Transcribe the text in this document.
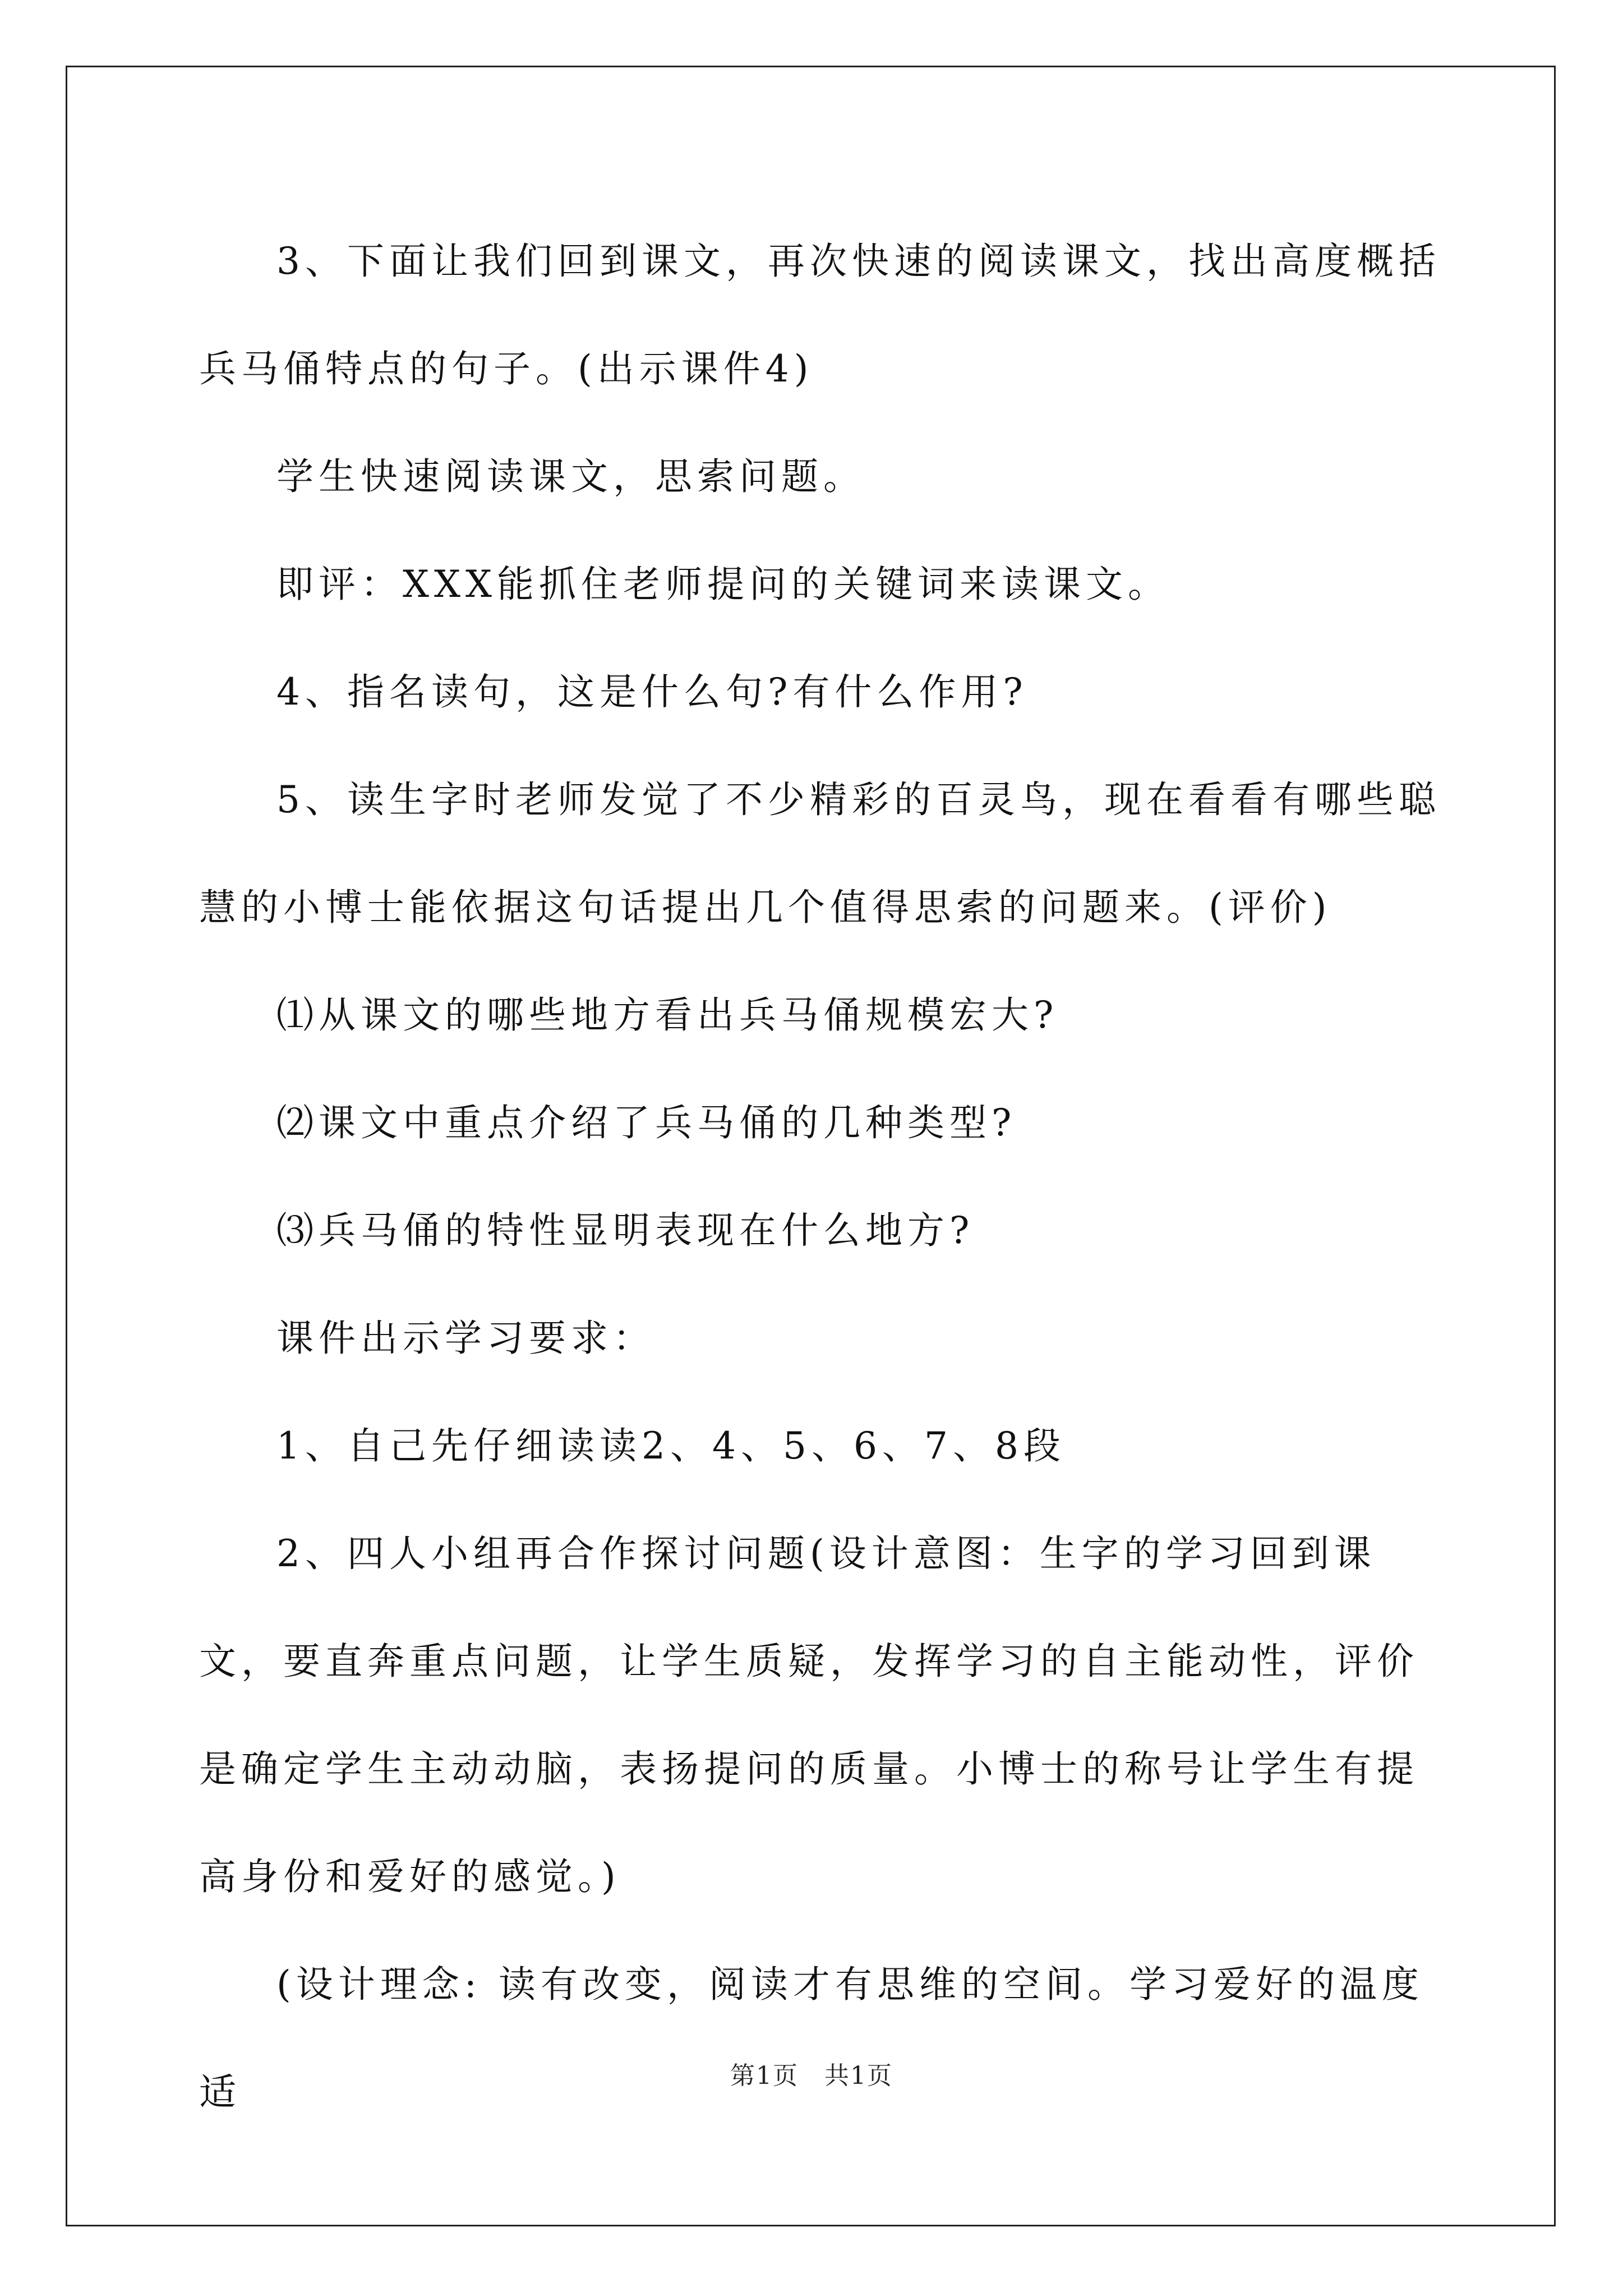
3、下面让我们回到课文，再次快速的阅读课文，找出高度概括兵马俑特点的句子。(出示课件4)

学生快速阅读课文，思索问题。

即评：XXX能抓住老师提问的关键词来读课文。

4、指名读句，这是什么句?有什么作用?

5、读生字时老师发觉了不少精彩的百灵鸟，现在看看有哪些聪慧的小博士能依据这句话提出几个值得思索的问题来。(评价)

⑴从课文的哪些地方看出兵马俑规模宏大?

⑵课文中重点介绍了兵马俑的几种类型?

⑶兵马俑的特性显明表现在什么地方?

课件出示学习要求：

1、自己先仔细读读2、4、5、6、7、8段

2、四人小组再合作探讨问题(设计意图：生字的学习回到课文，要直奔重点问题，让学生质疑，发挥学习的自主能动性，评价是确定学生主动动脑，表扬提问的质量。小博士的称号让学生有提高身份和爱好的感觉。)

(设计理念: 读有改变，阅读才有思维的空间。学习爱好的温度适	第1页　共1页
